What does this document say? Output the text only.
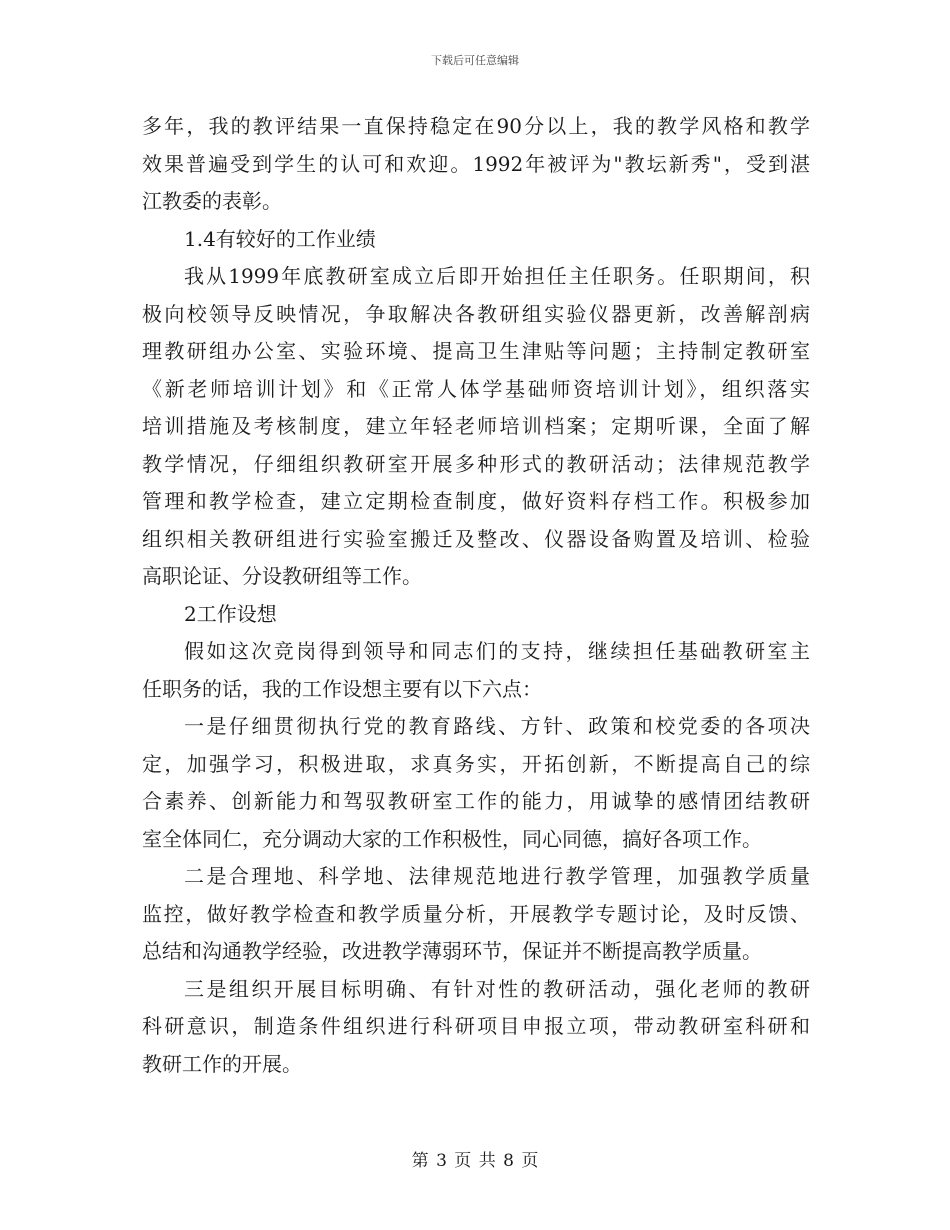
下载后可任意编辑
多年，我的教评结果一直保持稳定在90分以上，我的教学风格和教学
效果普遍受到学生的认可和欢迎。1992年被评为"教坛新秀"，受到湛
江教委的表彰。
1.4有较好的工作业绩
我从1999年底教研室成立后即开始担任主任职务。任职期间，积
极向校领导反映情况，争取解决各教研组实验仪器更新，改善解剖病
理教研组办公室、实验环境、提高卫生津贴等问题；主持制定教研室
《新老师培训计划》和《正常人体学基础师资培训计划》，组织落实
培训措施及考核制度，建立年轻老师培训档案；定期听课，全面了解
教学情况，仔细组织教研室开展多种形式的教研活动；法律规范教学
管理和教学检查，建立定期检查制度，做好资料存档工作。积极参加
组织相关教研组进行实验室搬迁及整改、仪器设备购置及培训、检验
高职论证、分设教研组等工作。
2工作设想
假如这次竞岗得到领导和同志们的支持，继续担任基础教研室主
任职务的话，我的工作设想主要有以下六点：
一是仔细贯彻执行党的教育路线、方针、政策和校党委的各项决
定，加强学习，积极进取，求真务实，开拓创新，不断提高自己的综
合素养、创新能力和驾驭教研室工作的能力，用诚挚的感情团结教研
室全体同仁，充分调动大家的工作积极性，同心同德，搞好各项工作。
二是合理地、科学地、法律规范地进行教学管理，加强教学质量
监控，做好教学检查和教学质量分析，开展教学专题讨论，及时反馈、
总结和沟通教学经验，改进教学薄弱环节，保证并不断提高教学质量。
三是组织开展目标明确、有针对性的教研活动，强化老师的教研
科研意识，制造条件组织进行科研项目申报立项，带动教研室科研和
教研工作的开展。
第 3 页 共 8 页
